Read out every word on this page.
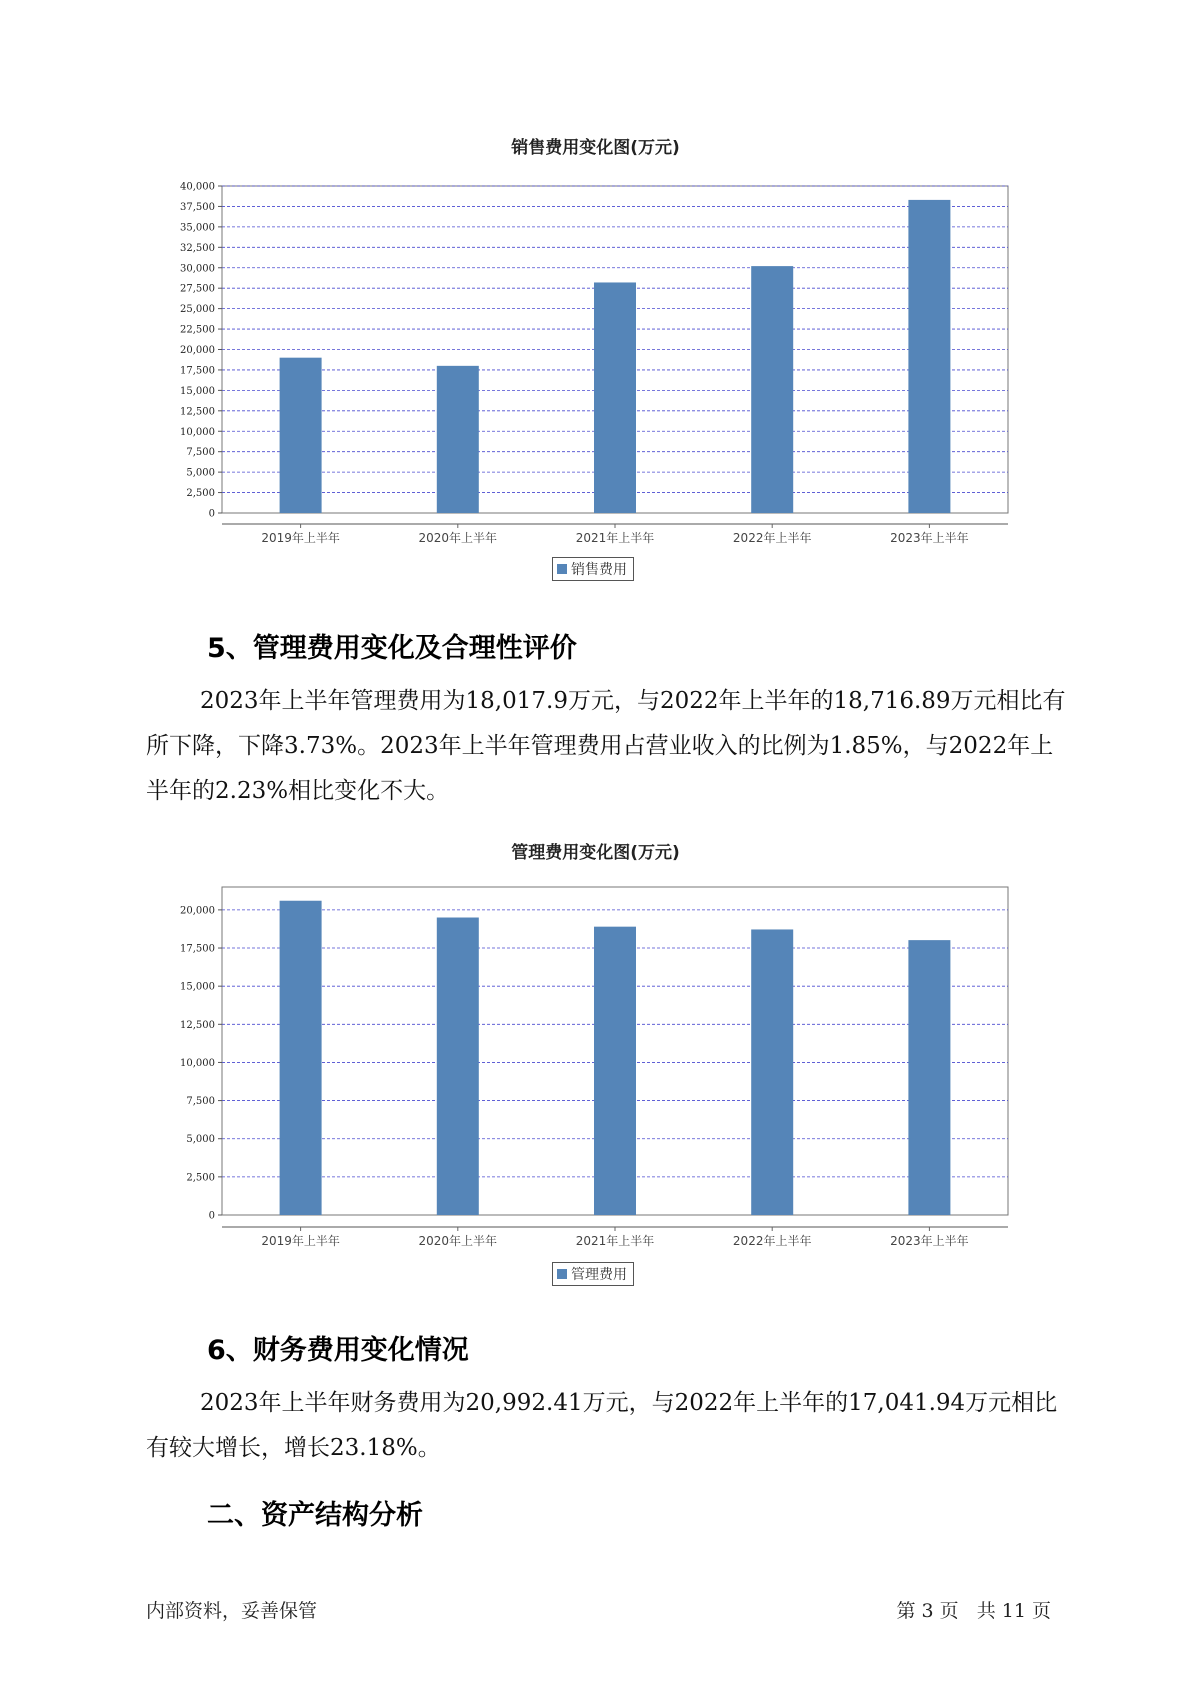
销售费用变化图(万元)
0
2,500
5,000
7,500
10,000
12,500
15,000
17,500
20,000
22,500
25,000
27,500
30,000
32,500
35,000
37,500
40,000
2019年上半年	2020年上半年	2021年上半年	2022年上半年	2023年上半年
销售费用
5、管理费用变化及合理性评价

2023年上半年管理费用为18,017.9万元，与2022年上半年的18,716.89万元相比有所下降，下降3.73%。2023年上半年管理费用占营业收入的比例为1.85%，与2022年上半年的2.23%相比变化不大。

管理费用变化图(万元)
0
2,500
5,000
7,500
10,000
12,500
15,000
17,500
20,000
2019年上半年	2020年上半年	2021年上半年	2022年上半年	2023年上半年
管理费用
6、财务费用变化情况

2023年上半年财务费用为20,992.41万元，与2022年上半年的17,041.94万元相比有较大增长，增长23.18%。

二、资产结构分析
内部资料，妥善保管	第 3 页   共 11 页
